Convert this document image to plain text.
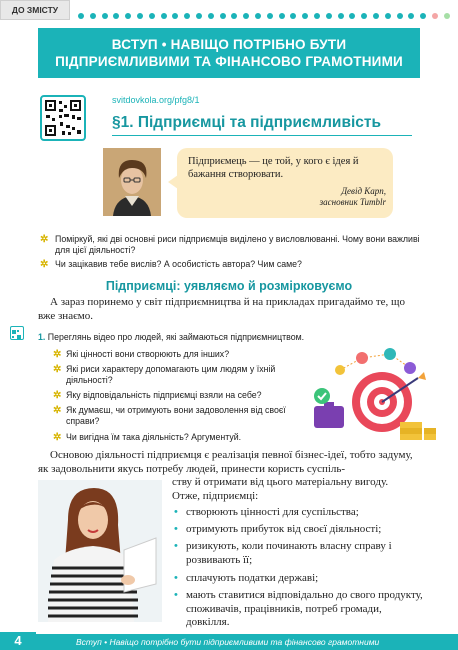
ДО ЗМІСТУ
ВСТУП • НАВІЩО ПОТРІБНО БУТИ
ПІДПРИЄМЛИВИМИ ТА ФІНАНСОВО ГРАМОТНИМИ
svitdovkola.org/pfg8/1
§1. Підприємці та підприємливість
Підприємець — це той, у кого є ідея й бажання створювати.
Девід Карп,
засновник Tumblr
✲ Поміркуй, які дві основні риси підприємців виділено у висловлюванні. Чому вони важливі для цієї діяльності?
✲ Чи зацікавив тебе вислів? А особистість автора? Чим саме?
Підприємці: уявляємо й розмірковуємо
А зараз поринемо у світ підприємництва й на прикладах пригадаймо те, що вже знаємо.
1. Переглянь відео про людей, які займаються підприємництвом.
✲ Які цінності вони створюють для інших?
✲ Які риси характеру допомагають цим людям у їхній діяльності?
✲ Яку відповідальність підприємці взяли на себе?
✲ Як думаєш, чи отримують вони задоволення від своєї справи?
✲ Чи вигідна їм така діяльність? Аргументуй.
Основою діяльності підприємця є реалізація певної бізнес-ідеї, тобто задуму, як задовольнити якусь потребу людей, принести користь суспіль-
ству й отримати від цього матеріальну вигоду.
Отже, підприємці:
• створюють цінності для суспільства;
• отримують прибуток від своєї діяльності;
• ризикують, коли починають власну справу і розвивають її;
• сплачують податки державі;
• мають ставитися відповідально до свого продукту, споживачів, працівників, потреб громади, довкілля.
4	Вступ • Навіщо потрібно бути підприємливими та фінансово грамотними
